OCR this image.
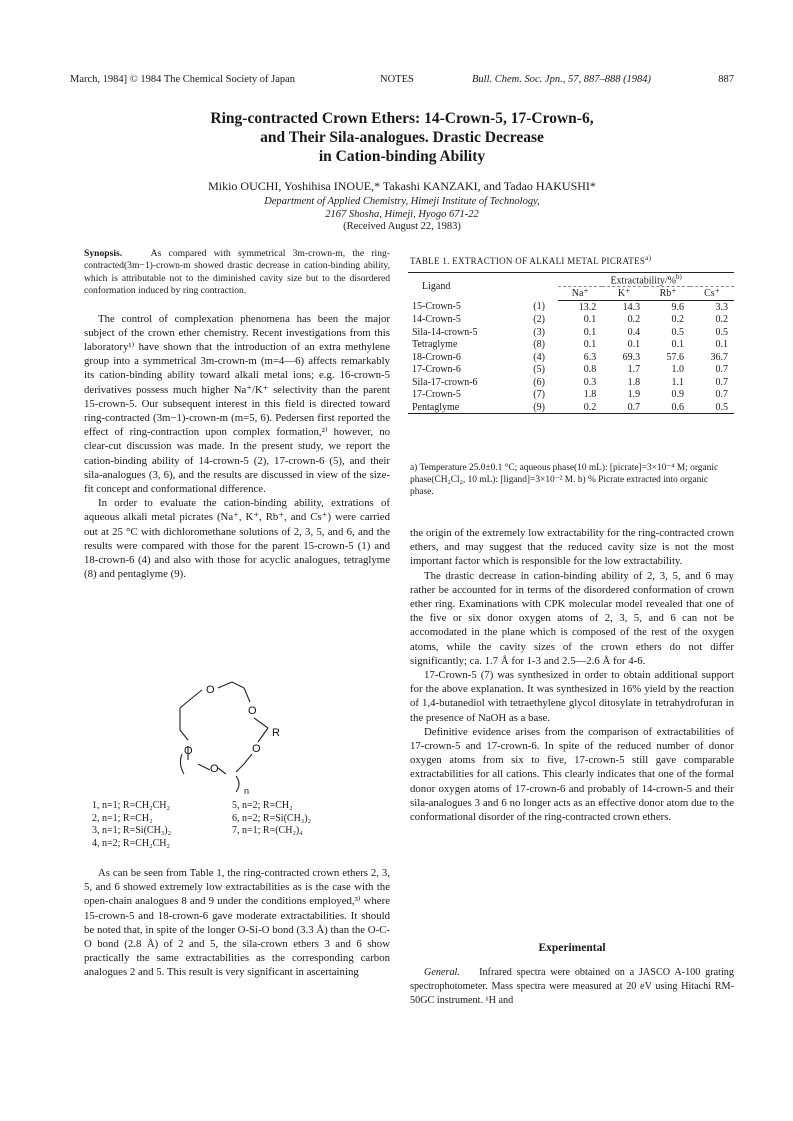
March, 1984] © 1984 The Chemical Society of Japan	NOTES	Bull. Chem. Soc. Jpn., 57, 887–888 (1984)	887
Ring-contracted Crown Ethers: 14-Crown-5, 17-Crown-6,
and Their Sila-analogues. Drastic Decrease
in Cation-binding Ability
Mikio OUCHI, Yoshihisa INOUE,* Takashi KANZAKI, and Tadao HAKUSHI*
Department of Applied Chemistry, Himeji Institute of Technology,
2167 Shosha, Himeji, Hyogo 671-22
(Received August 22, 1983)

Synopsis.	As compared with symmetrical 3m-crown-m, the ring-contracted(3m−1)-crown-m showed drastic decrease in cation-binding ability, which is attributable not to the diminished cavity size but to the disordered conformation induced by ring contraction.

The control of complexation phenomena has been the major subject of the crown ether chemistry. Recent investigations from this laboratory¹⁾ have shown that the introduction of an extra methylene group into a symmetrical 3m-crown-m (m=4—6) affects remarkably its cation-binding ability toward alkali metal ions; e.g. 16-crown-5 derivatives possess much higher Na⁺/K⁺ selectivity than the parent 15-crown-5. Our subsequent interest in this field is directed toward ring-contracted (3m−1)-crown-m (m=5, 6). Pedersen first reported the effect of ring-contraction upon complex formation,²⁾ however, no clear-cut discussion was made. In the present study, we report the cation-binding ability of 14-crown-5 (2), 17-crown-6 (5), and their sila-analogues (3, 6), and the results are discussed in view of the size-fit concept and conformational difference.

In order to evaluate the cation-binding ability, extrations of aqueous alkali metal picrates (Na⁺, K⁺, Rb⁺, and Cs⁺) were carried out at 25 °C with dichloromethane solutions of 2, 3, 5, and 6, and the results were compared with those for the parent 15-crown-5 (1) and 18-crown-6 (4) and also with those for acyclic analogues, tetraglyme (8) and pentaglyme (9).

O
O
O
R
O
O
n
1, n=1; R=CH₂CH₂	5, n=2; R=CH₂
2, n=1; R=CH₂	6, n=2; R=Si(CH₃)₂
3, n=1; R=Si(CH₃)₂	7, n=1; R=(CH₂)₄
4, n=2; R=CH₂CH₂

As can be seen from Table 1, the ring-contracted crown ethers 2, 3, 5, and 6 showed extremely low extractabilities as is the case with the open-chain analogues 8 and 9 under the conditions employed,³⁾ where 15-crown-5 and 18-crown-6 gave moderate extractabilities. It should be noted that, in spite of the longer O-Si-O bond (3.3 Å) than the O-C-O bond (2.8 Å) of 2 and 5, the sila-crown ethers 3 and 6 show practically the same extractabilities as the corresponding carbon analogues 2 and 5. This result is very significant in ascertaining

TABLE 1. EXTRACTION OF ALKALI METAL PICRATES$^{a)}$
Ligand		Extractability/%$^{b)}$
		Na⁺	K⁺	Rb⁺	Cs⁺
15-Crown-5	(1)	13.2	14.3	9.6	3.3
14-Crown-5	(2)	0.1	0.2	0.2	0.2
Sila-14-crown-5	(3)	0.1	0.4	0.5	0.5
Tetraglyme	(8)	0.1	0.1	0.1	0.1
18-Crown-6	(4)	6.3	69.3	57.6	36.7
17-Crown-6	(5)	0.8	1.7	1.0	0.7
Sila-17-crown-6	(6)	0.3	1.8	1.1	0.7
17-Crown-5	(7)	1.8	1.9	0.9	0.7
Pentaglyme	(9)	0.2	0.7	0.6	0.5
a) Temperature 25.0±0.1 °C; aqueous phase(10 mL): [picrate]=3×10⁻⁴ M; organic phase(CH₂Cl₂, 10 mL): [ligand]=3×10⁻² M. b) % Picrate extracted into organic phase.

the origin of the extremely low extractability for the ring-contracted crown ethers, and may suggest that the reduced cavity size is not the most important factor which is responsible for the low extractability.

The drastic decrease in cation-binding ability of 2, 3, 5, and 6 may rather be accounted for in terms of the disordered conformation of crown ether ring. Examinations with CPK molecular model revealed that one of the five or six donor oxygen atoms of 2, 3, 5, and 6 can not be accomodated in the plane which is composed of the rest of the oxygen atoms, while the cavity sizes of the crown ethers do not differ significantly; ca. 1.7 Å for 1-3 and 2.5—2.6 Å for 4-6.

17-Crown-5 (7) was synthesized in order to obtain additional support for the above explanation. It was synthesized in 16% yield by the reaction of 1,4-butanediol with tetraethylene glycol ditosylate in tetrahydrofuran in the presence of NaOH as a base.

Definitive evidence arises from the comparison of extractabilities of 17-crown-5 and 17-crown-6. In spite of the reduced number of donor oxygen atoms from six to five, 17-crown-5 still gave comparable extractabilities for all cations. This clearly indicates that one of the formal donor oxygen atoms of 17-crown-6 and probably of 14-crown-5 and their sila-analogues 3 and 6 no longer acts as an effective donor atom due to the conformational disorder of the ring-contracted crown ethers.

Experimental

General. Infrared spectra were obtained on a JASCO A-100 grating spectrophotometer. Mass spectra were measured at 20 eV using Hitachi RM-50GC instrument. ¹H and
